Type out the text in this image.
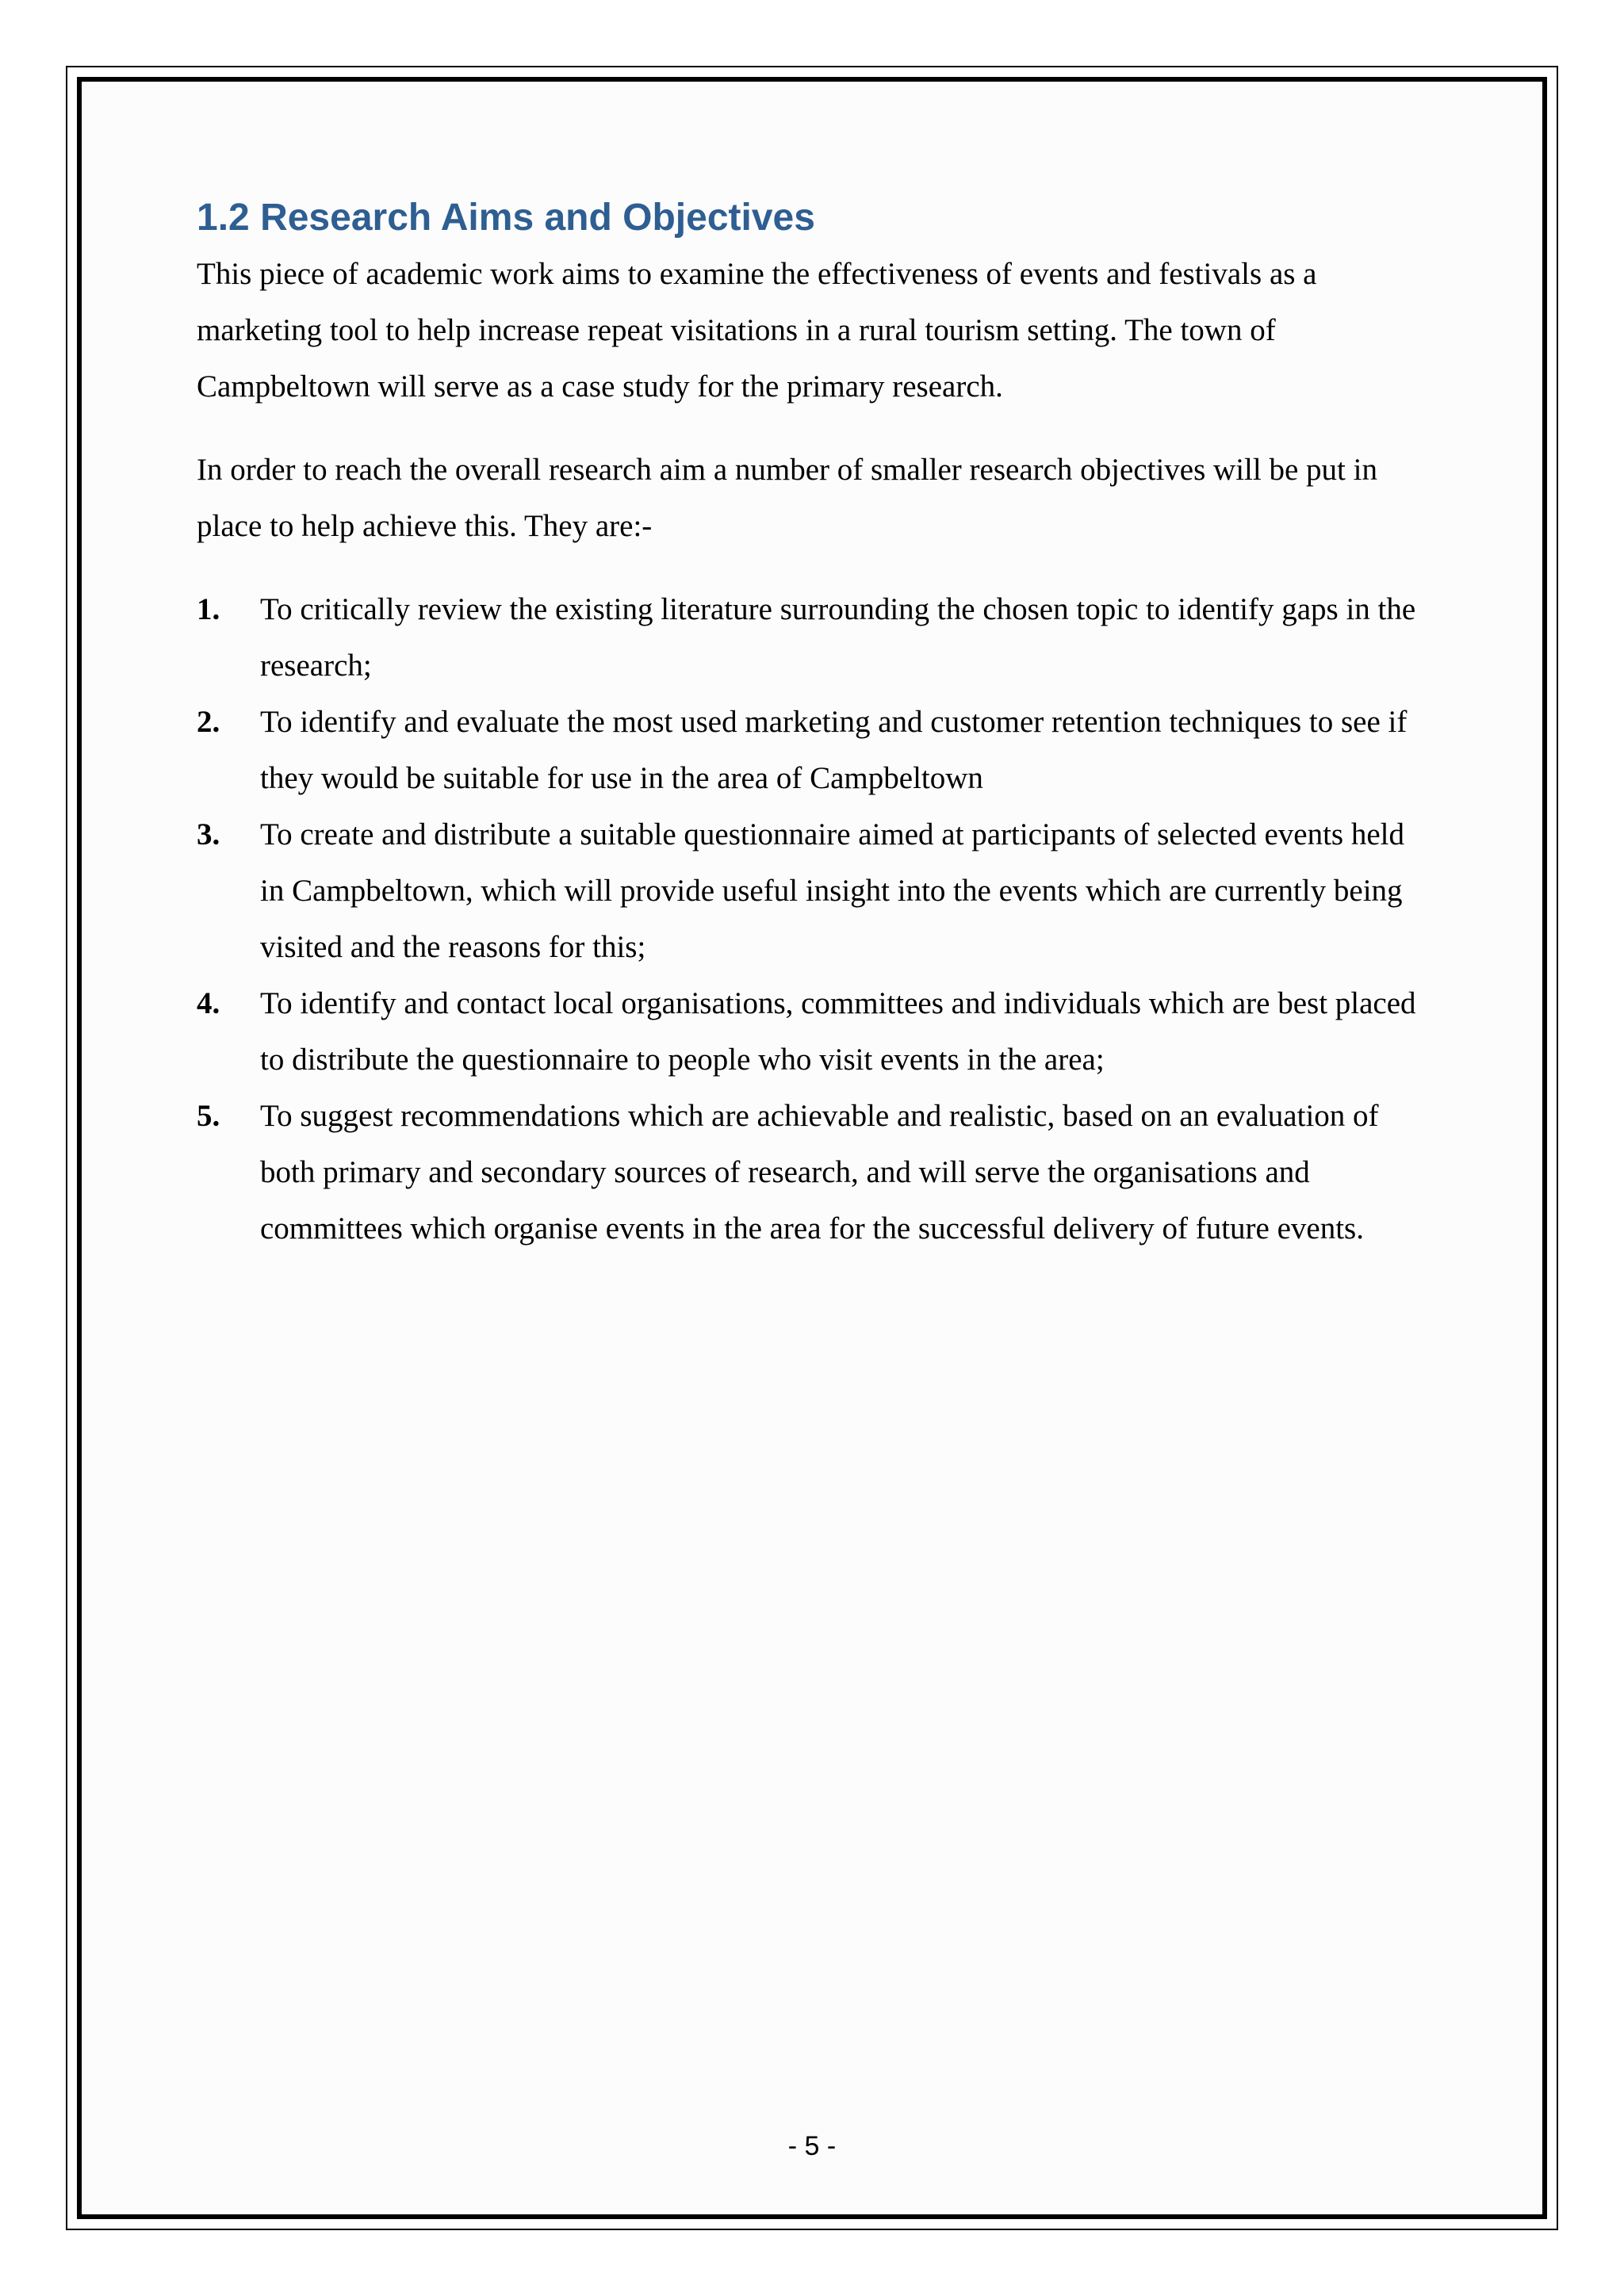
1.2 Research Aims and Objectives

This piece of academic work aims to examine the effectiveness of events and festivals as a marketing tool to help increase repeat visitations in a rural tourism setting. The town of Campbeltown will serve as a case study for the primary research.

In order to reach the overall research aim a number of smaller research objectives will be put in place to help achieve this. They are:-

1.	To critically review the existing literature surrounding the chosen topic to identify gaps in the research;
2.	To identify and evaluate the most used marketing and customer retention techniques to see if they would be suitable for use in the area of Campbeltown
3.	To create and distribute a suitable questionnaire aimed at participants of selected events held in Campbeltown, which will provide useful insight into the events which are currently being visited and the reasons for this;
4.	To identify and contact local organisations, committees and individuals which are best placed to distribute the questionnaire to people who visit events in the area;
5.	To suggest recommendations which are achievable and realistic, based on an evaluation of both primary and secondary sources of research, and will serve the organisations and committees which organise events in the area for the successful delivery of future events.
- 5 -
